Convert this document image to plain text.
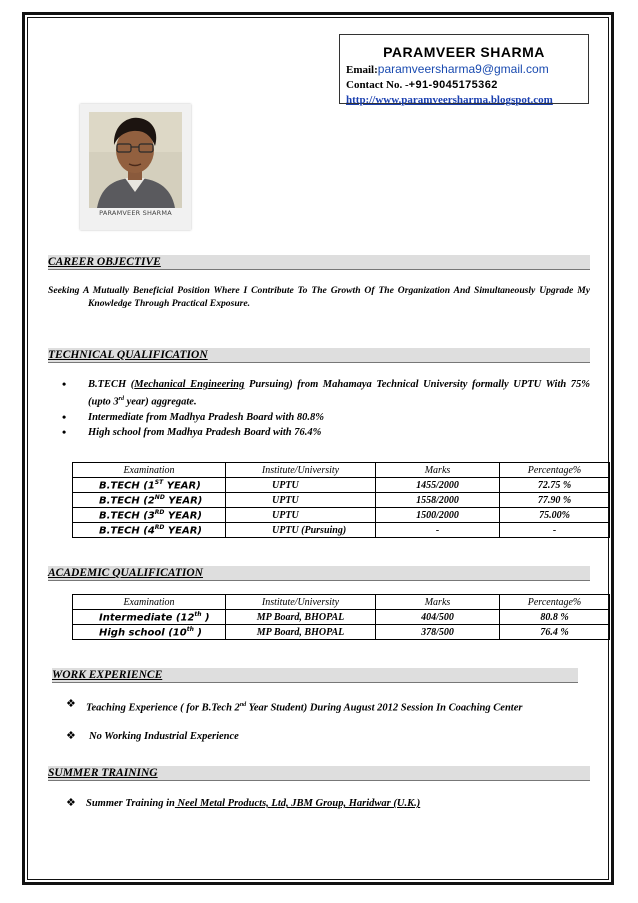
PARAMVEER SHARMA
Email:paramveersharma9@gmail.com
Contact No. -+91-9045175362
http://www.paramveersharma.blogspot.com
PARAMVEER SHARMA
CAREER OBJECTIVE
Seeking A Mutually Beneficial Position Where I Contribute To The Growth Of The Organization And Simultaneously Upgrade My Knowledge Through Practical Exposure.
TECHNICAL QUALIFICATION
• B.TECH (Mechanical Engineering Pursuing) from Mahamaya Technical University formally UPTU With 75% (upto 3rd year) aggregate.
• Intermediate from Madhya Pradesh Board with 80.8%
• High school from Madhya Pradesh Board with 76.4%
Examination	Institute/University	Marks	Percentage%
B.TECH (1ST YEAR)	UPTU	1455/2000	72.75 %
B.TECH (2ND YEAR)	UPTU	1558/2000	77.90 %
B.TECH (3RD YEAR)	UPTU	1500/2000	75.00%
B.TECH (4RD YEAR)	UPTU (Pursuing)	-	-
ACADEMIC QUALIFICATION
Examination	Institute/University	Marks	Percentage%
Intermediate (12th )	MP Board, BHOPAL	404/500	80.8 %
High school (10th )	MP Board, BHOPAL	378/500	76.4 %
WORK EXPERIENCE
❖ Teaching Experience ( for B.Tech 2nd Year Student) During August 2012 Session In Coaching Center
❖ No Working Industrial Experience
SUMMER TRAINING
❖ Summer Training in Neel Metal Products, Ltd, JBM Group, Haridwar (U.K.)
